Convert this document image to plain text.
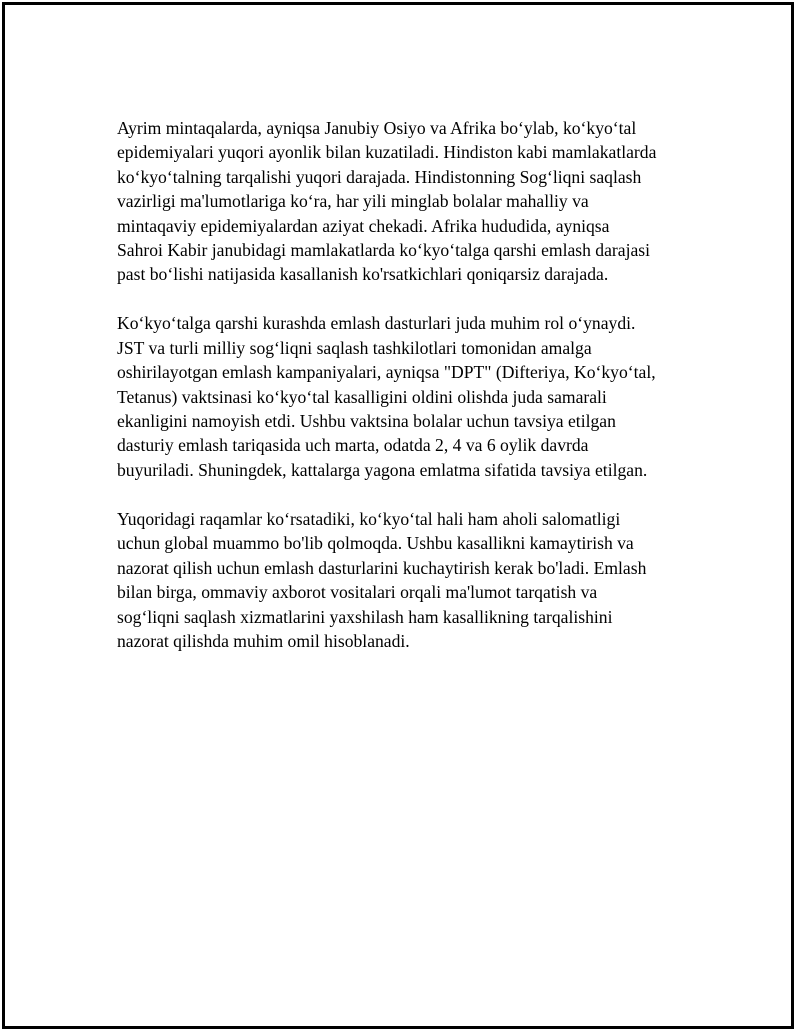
Ayrim mintaqalarda, ayniqsa Janubiy Osiyo va Afrika boʻylab, koʻkyoʻtal
epidemiyalari yuqori ayonlik bilan kuzatiladi. Hindiston kabi mamlakatlarda
koʻkyoʻtalning tarqalishi yuqori darajada. Hindistonning Sogʻliqni saqlash
vazirligi ma'lumotlariga koʻra, har yili minglab bolalar mahalliy va
mintaqaviy epidemiyalardan aziyat chekadi. Afrika hududida, ayniqsa
Sahroi Kabir janubidagi mamlakatlarda koʻkyoʻtalga qarshi emlash darajasi
past boʻlishi natijasida kasallanish ko'rsatkichlari qoniqarsiz darajada.

Koʻkyoʻtalga qarshi kurashda emlash dasturlari juda muhim rol oʻynaydi.
JST va turli milliy sogʻliqni saqlash tashkilotlari tomonidan amalga
oshirilayotgan emlash kampaniyalari, ayniqsa "DPT" (Difteriya, Koʻkyoʻtal,
Tetanus) vaktsinasi koʻkyoʻtal kasalligini oldini olishda juda samarali
ekanligini namoyish etdi. Ushbu vaktsina bolalar uchun tavsiya etilgan
dasturiy emlash tariqasida uch marta, odatda 2, 4 va 6 oylik davrda
buyuriladi. Shuningdek, kattalarga yagona emlatma sifatida tavsiya etilgan.

Yuqoridagi raqamlar koʻrsatadiki, koʻkyoʻtal hali ham aholi salomatligi
uchun global muammo bo'lib qolmoqda. Ushbu kasallikni kamaytirish va
nazorat qilish uchun emlash dasturlarini kuchaytirish kerak bo'ladi. Emlash
bilan birga, ommaviy axborot vositalari orqali ma'lumot tarqatish va
sogʻliqni saqlash xizmatlarini yaxshilash ham kasallikning tarqalishini
nazorat qilishda muhim omil hisoblanadi.
